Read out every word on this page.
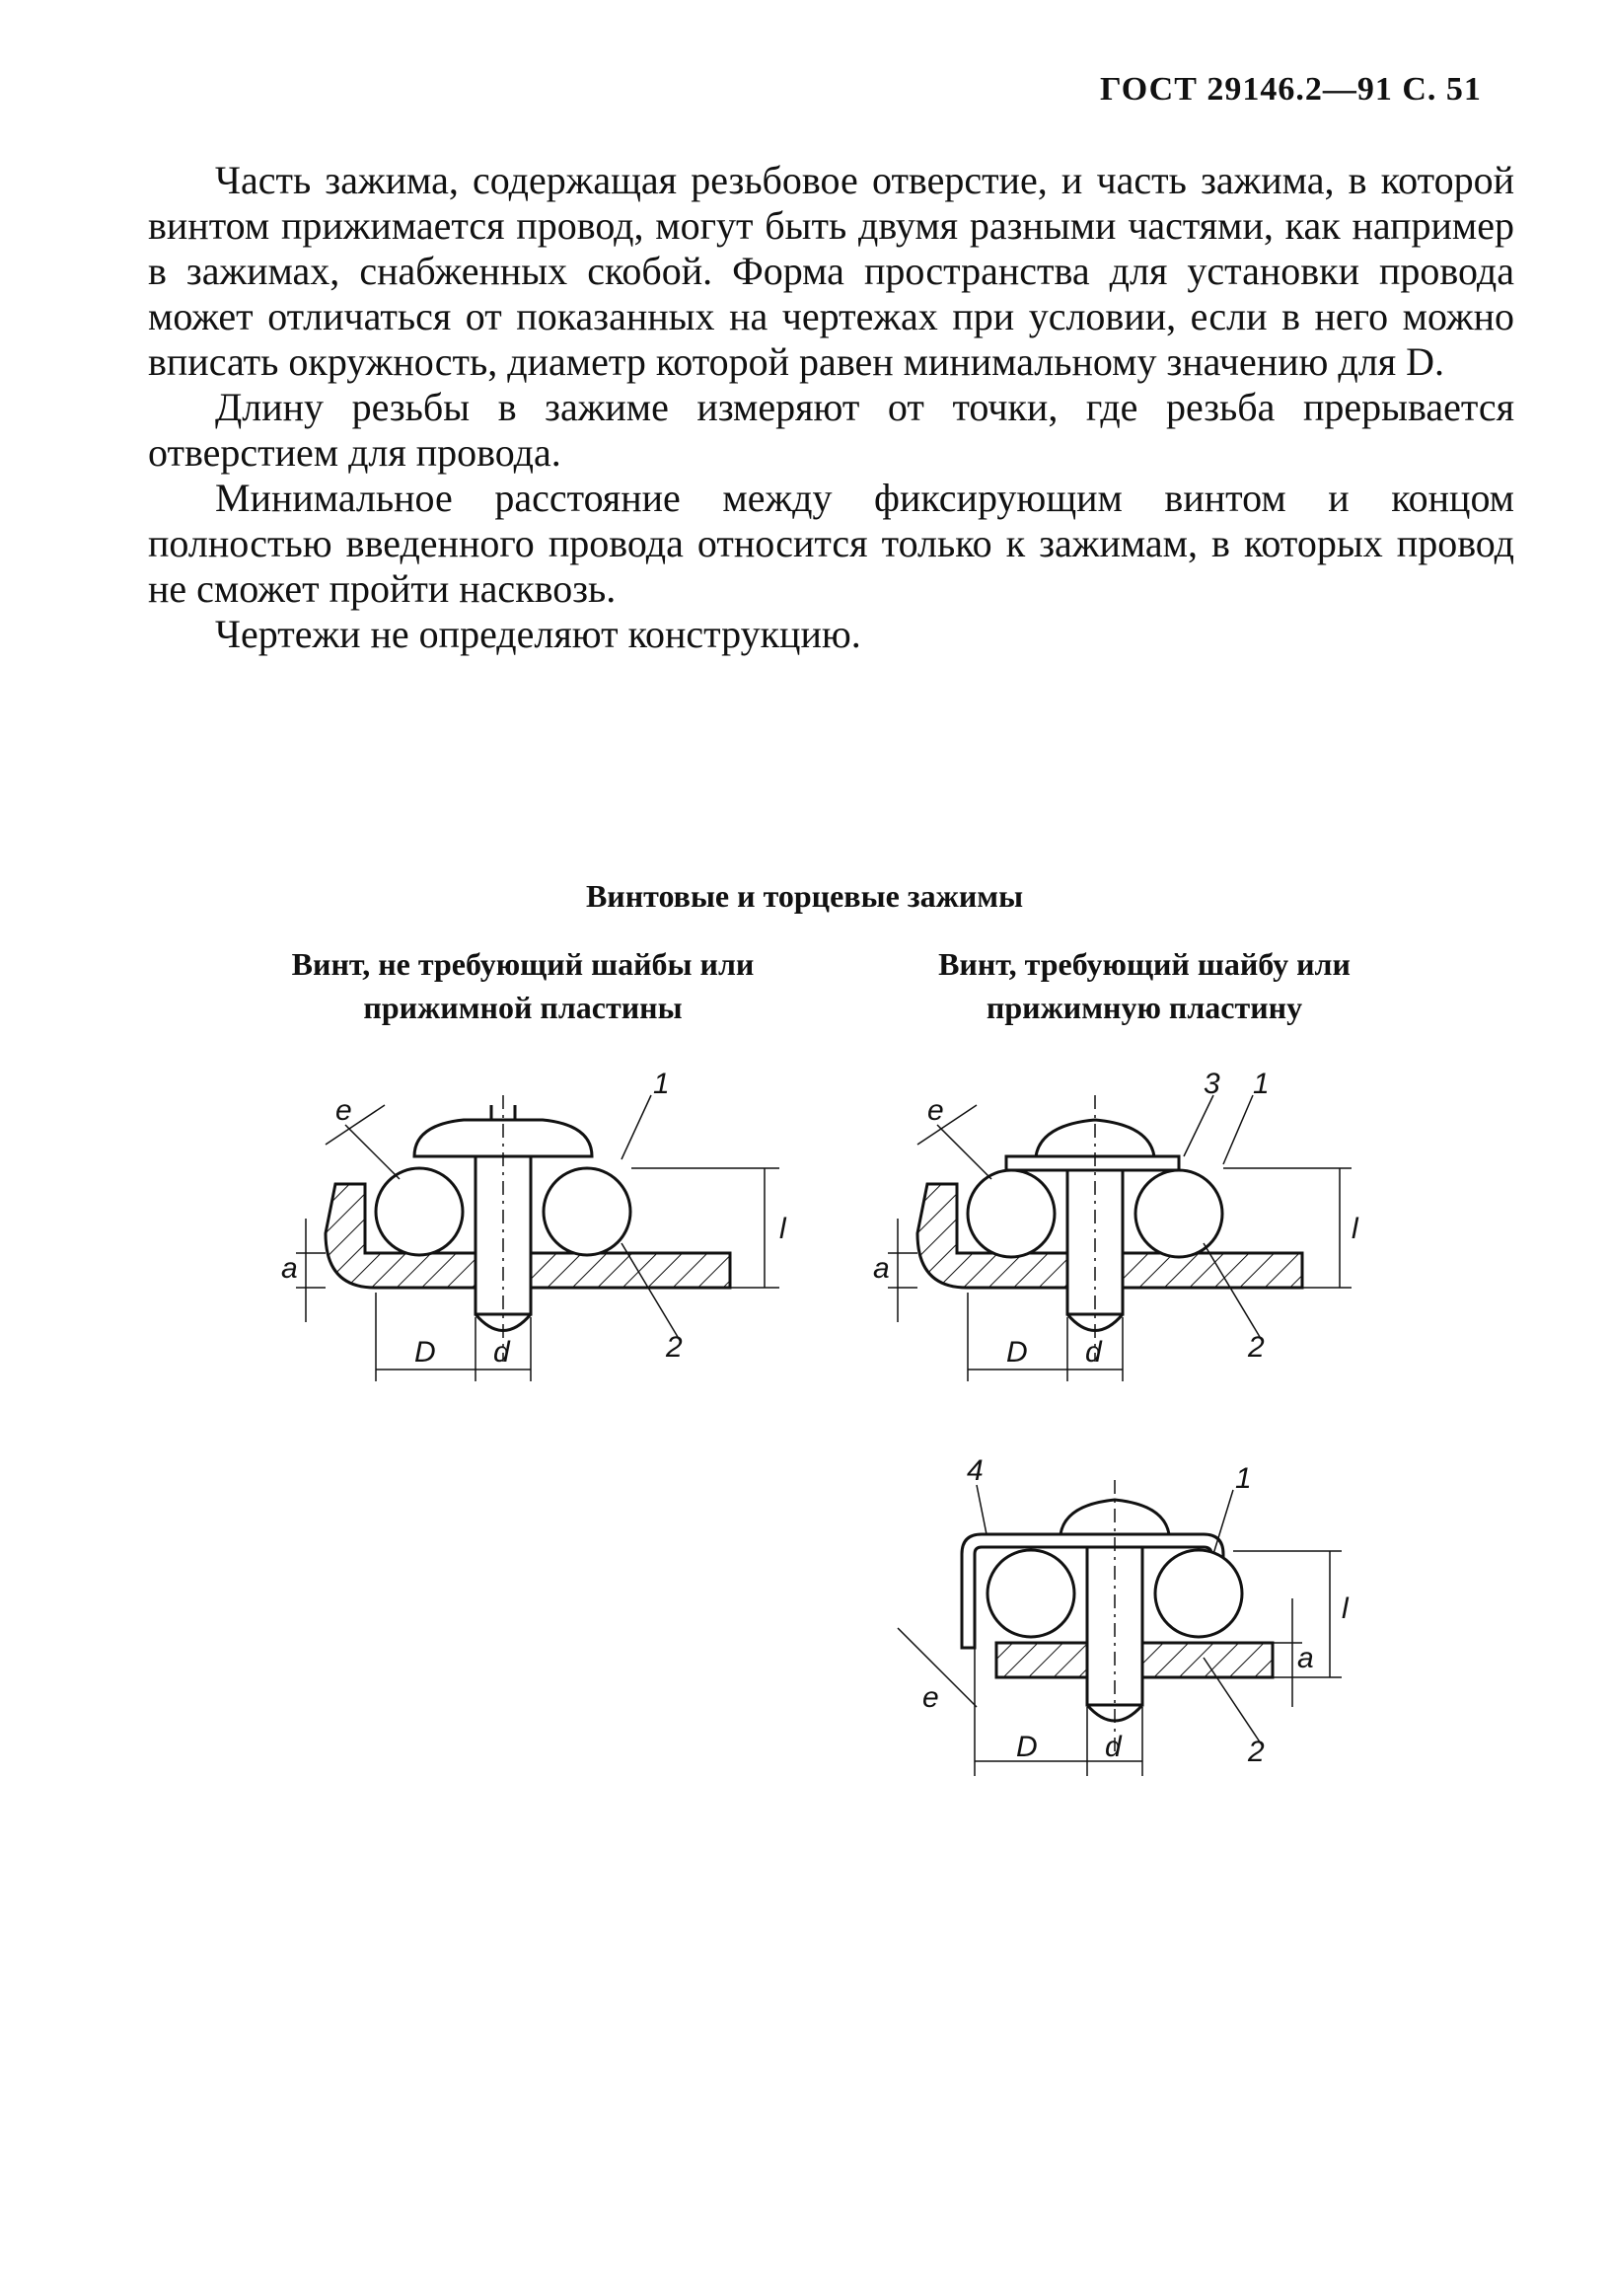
ГОСТ 29146.2—91 С. 51

Часть зажима, содержащая резьбовое отверстие, и часть зажима, в которой винтом прижимается провод, могут быть двумя разными частями, как например в зажимах, снабженных скобой. Форма пространства для установки провода может отличаться от показанных на чертежах при условии, если в него можно вписать окружность, диаметр которой равен минимальному значению для D.

Длину резьбы в зажиме измеряют от точки, где резьба прерывается отверстием для провода.

Минимальное расстояние между фиксирующим винтом и концом полностью введенного провода относится только к зажимам, в которых провод не сможет пройти насквозь.

Чертежи не определяют конструкцию.

Винтовые и торцевые зажимы
Винт, не требующий шайбы или прижимной пластины
Винт, требующий шайбу или прижимную пластину
e
a
l
D d
1
2
e
a
l
D d
3 1
2
e
a
l
D d
4	1
2
